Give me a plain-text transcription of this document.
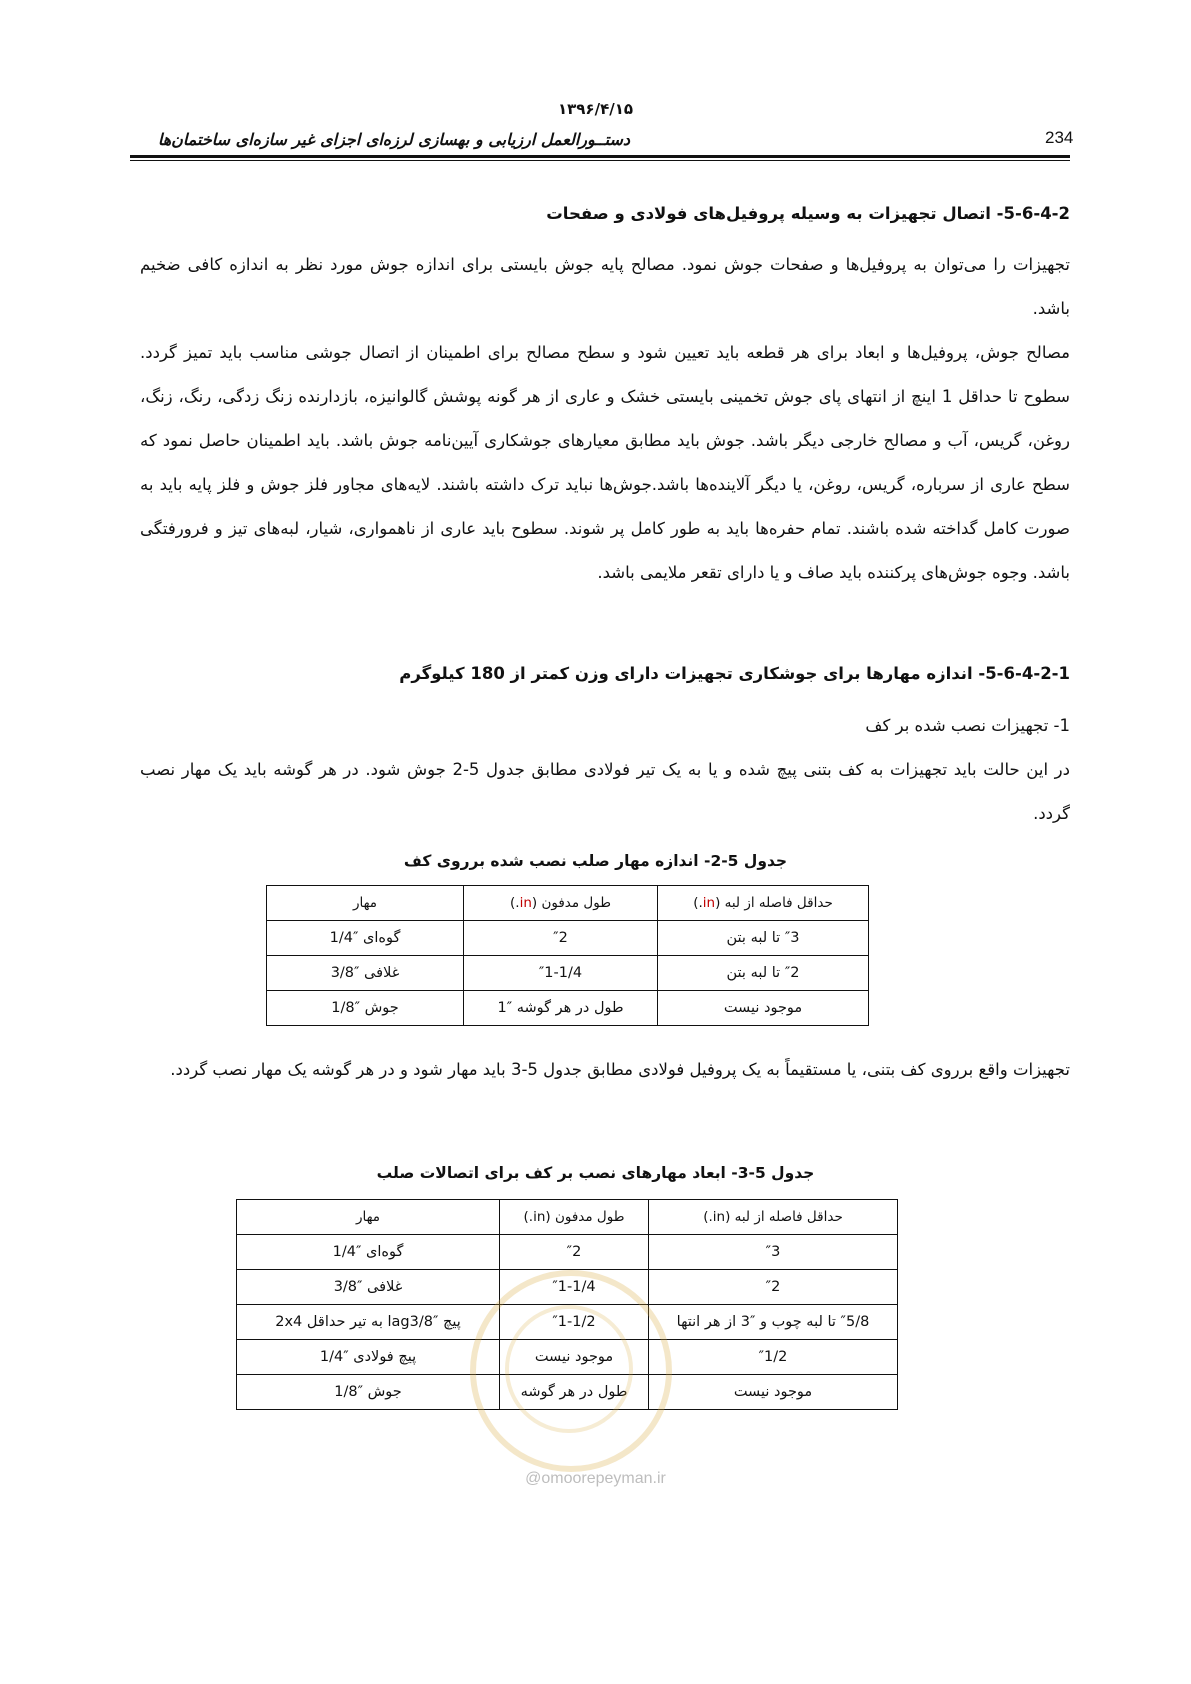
۱۳۹۶/۴/۱۵
234
دستــورالعمل ارزیابی و بهسازی لرزه‌ای اجزای غیر سازه‌ای ساختمان‌ها
5-6-4-2- اتصال تجهیزات به وسیله پروفیل‌های فولادی و صفحات

تجهیزات را می‌توان به پروفیل‌ها و صفحات جوش نمود. مصالح پایه جوش بایستی برای اندازه جوش مورد نظر به اندازه کافی ضخیم باشد.

مصالح جوش، پروفیل‌ها و ابعاد برای هر قطعه باید تعیین شود و سطح مصالح برای اطمینان از اتصال جوشی مناسب باید تمیز گردد. سطوح تا حداقل 1 اینچ از انتهای پای جوش تخمینی بایستی خشک و عاری از هر گونه پوشش گالوانیزه، بازدارنده زنگ زدگی، رنگ، زنگ، روغن، گریس، آب و مصالح خارجی دیگر باشد. جوش باید مطابق معیارهای جوشکاری آیین‌نامه جوش باشد. باید اطمینان حاصل نمود که سطح عاری از سرباره، گریس، روغن، یا دیگر آلاینده‌ها باشد.جوش‌ها نباید ترک داشته باشند. لایه‌های مجاور فلز جوش و فلز پایه باید به صورت کامل گداخته شده باشند. تمام حفره‌ها باید به طور کامل پر شوند. سطوح باید عاری از ناهمواری، شیار، لبه‌های تیز و فرورفتگی باشد. وجوه جوش‌های پرکننده باید صاف و یا دارای تقعر ملایمی باشد.

5-6-4-2-1- اندازه مهارها برای جوشکاری تجهیزات دارای وزن کمتر از 180 کیلوگرم

1- تجهیزات نصب شده بر کف

در این حالت باید تجهیزات به کف بتنی پیچ شده و یا به یک تیر فولادی مطابق جدول 5-2 جوش شود. در هر گوشه باید یک مهار نصب گردد.

جدول 5-2- اندازه مهار صلب نصب شده برروی کف
حداقل فاصله از لبه (in.)	طول مدفون (in.)	مهار
″3 تا لبه بتن	″2	گوه‌ای ″1/4
″2 تا لبه بتن	″1-1/4	غلافی ″3/8
موجود نیست	طول در هر گوشه ″1	جوش ″1/8

تجهیزات واقع برروی کف بتنی، یا مستقیماً به یک پروفیل فولادی مطابق جدول 5-3 باید مهار شود و در هر گوشه یک مهار نصب گردد.

جدول 5-3- ابعاد مهارهای نصب بر کف برای اتصالات صلب
حداقل فاصله از لبه (in.)	طول مدفون (in.)	مهار
″3	″2	گوه‌ای ″1/4
″2	″1-1/4	غلافی ″3/8
″5/8 تا لبه چوب و ″3 از هر انتها	″1-1/2	پیچ ″lag3/8 به تیر حداقل 2x4
″1/2	موجود نیست	پیچ فولادی ″1/4
موجود نیست	طول در هر گوشه	جوش ″1/8
@omoorepeyman.ir
